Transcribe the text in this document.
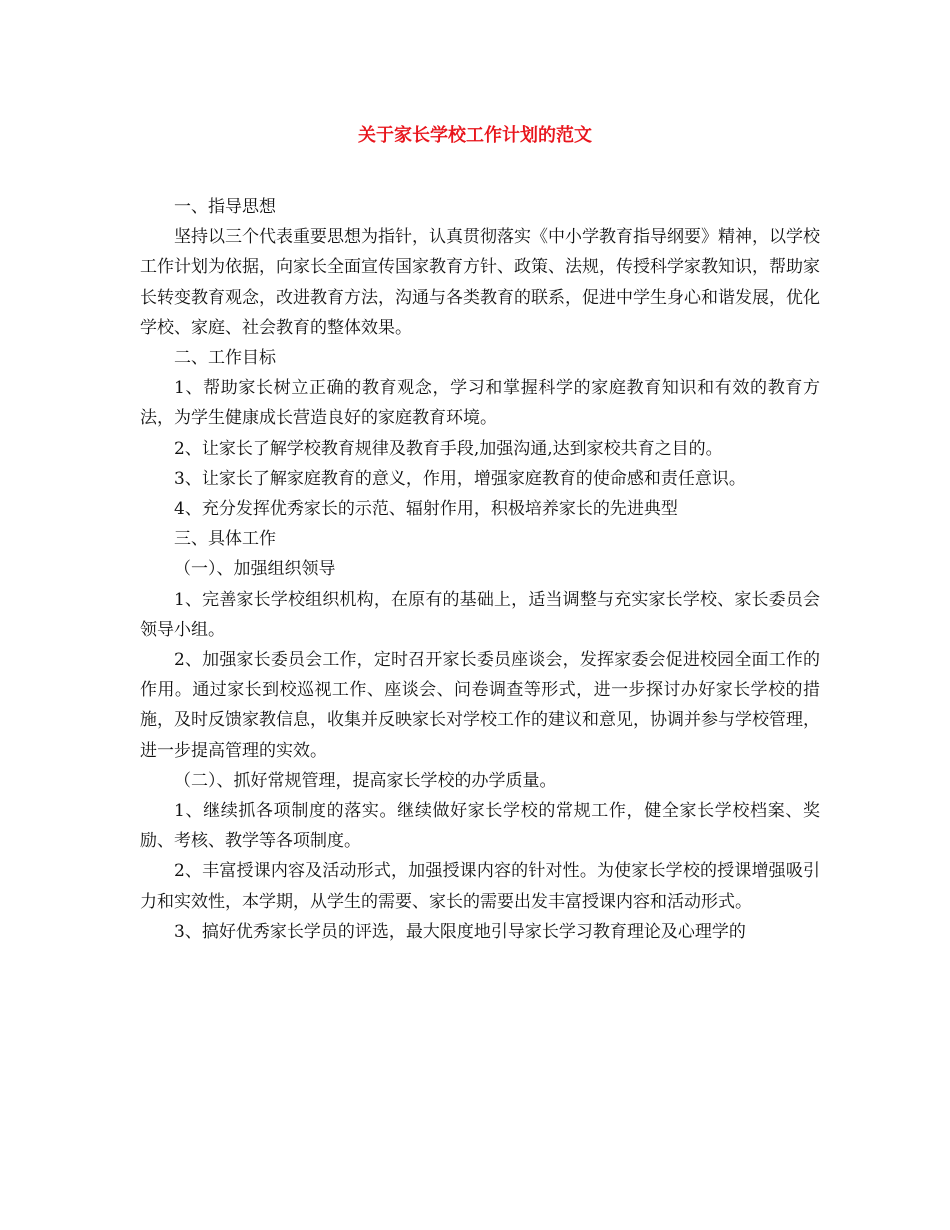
关于家长学校工作计划的范文

一、指导思想

坚持以三个代表重要思想为指针，认真贯彻落实《中小学教育指导纲要》精神，以学校工作计划为依据，向家长全面宣传国家教育方针、政策、法规，传授科学家教知识，帮助家长转变教育观念，改进教育方法，沟通与各类教育的联系，促进中学生身心和谐发展，优化学校、家庭、社会教育的整体效果。

二、工作目标

1、帮助家长树立正确的教育观念，学习和掌握科学的家庭教育知识和有效的教育方法，为学生健康成长营造良好的家庭教育环境。

2、让家长了解学校教育规律及教育手段,加强沟通,达到家校共育之目的。

3、让家长了解家庭教育的意义，作用，增强家庭教育的使命感和责任意识。

4、充分发挥优秀家长的示范、辐射作用，积极培养家长的先进典型

三、具体工作

（一）、加强组织领导

1、完善家长学校组织机构，在原有的基础上，适当调整与充实家长学校、家长委员会领导小组。

2、加强家长委员会工作，定时召开家长委员座谈会，发挥家委会促进校园全面工作的作用。通过家长到校巡视工作、座谈会、问卷调查等形式，进一步探讨办好家长学校的措施，及时反馈家教信息，收集并反映家长对学校工作的建议和意见，协调并参与学校管理，进一步提高管理的实效。

（二）、抓好常规管理，提高家长学校的办学质量。

1、继续抓各项制度的落实。继续做好家长学校的常规工作，健全家长学校档案、奖励、考核、教学等各项制度。

2、丰富授课内容及活动形式，加强授课内容的针对性。为使家长学校的授课增强吸引力和实效性，本学期，从学生的需要、家长的需要出发丰富授课内容和活动形式。

3、搞好优秀家长学员的评选，最大限度地引导家长学习教育理论及心理学的
